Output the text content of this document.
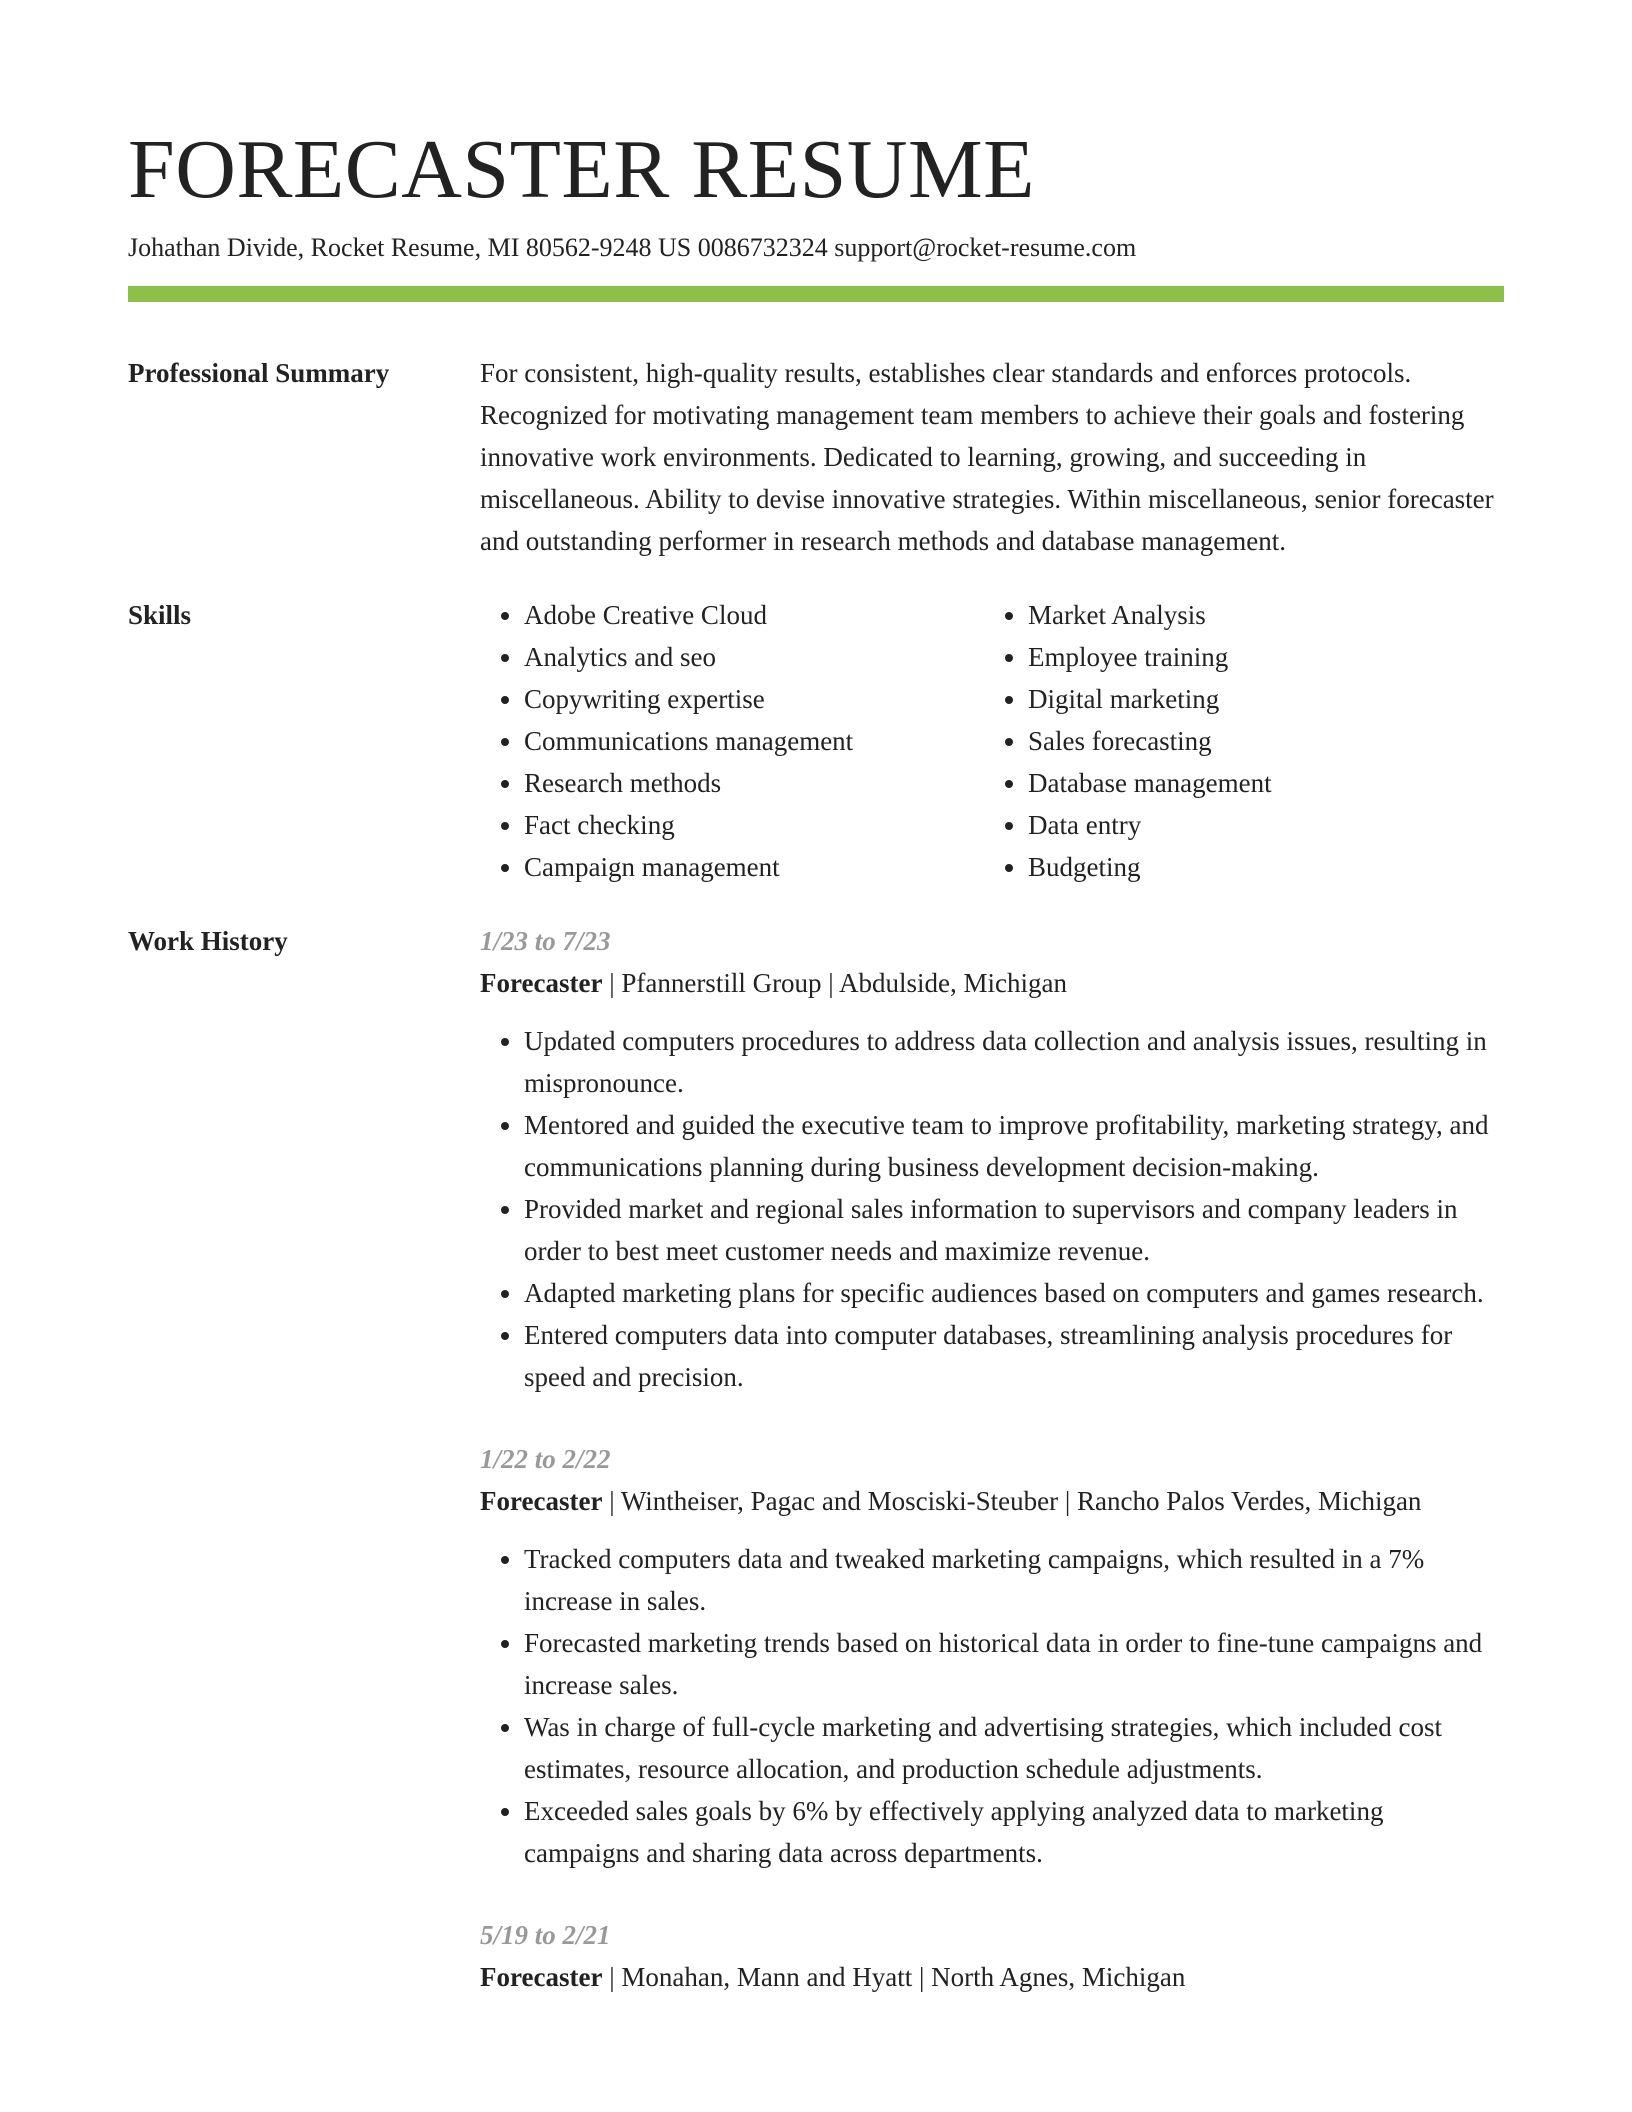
FORECASTER RESUME
Johathan Divide, Rocket Resume, MI 80562-9248 US 0086732324 support@rocket-resume.com
Professional Summary	For consistent, high-quality results, establishes clear standards and enforces protocols. Recognized for motivating management team members to achieve their goals and fostering innovative work environments. Dedicated to learning, growing, and succeeding in miscellaneous. Ability to devise innovative strategies. Within miscellaneous, senior forecaster and outstanding performer in research methods and database management.

Skills
•	Adobe Creative Cloud
• Analytics and seo
• Copywriting expertise
• Communications management
• Research methods
• Fact checking
• Campaign management
• Market Analysis
• Employee training
• Digital marketing
• Sales forecasting
• Database management
• Data entry
• Budgeting
Work History	1/23 to 7/23
Forecaster | Pfannerstill Group | Abdulside, Michigan
• Updated computers procedures to address data collection and analysis issues, resulting in mispronounce.
• Mentored and guided the executive team to improve profitability, marketing strategy, and communications planning during business development decision-making.
• Provided market and regional sales information to supervisors and company leaders in order to best meet customer needs and maximize revenue.
• Adapted marketing plans for specific audiences based on computers and games research.
• Entered computers data into computer databases, streamlining analysis procedures for speed and precision.
1/22 to 2/22
Forecaster | Wintheiser, Pagac and Mosciski-Steuber | Rancho Palos Verdes, Michigan
• Tracked computers data and tweaked marketing campaigns, which resulted in a 7% increase in sales.
• Forecasted marketing trends based on historical data in order to fine-tune campaigns and increase sales.
• Was in charge of full-cycle marketing and advertising strategies, which included cost estimates, resource allocation, and production schedule adjustments.
• Exceeded sales goals by 6% by effectively applying analyzed data to marketing campaigns and sharing data across departments.
5/19 to 2/21
Forecaster | Monahan, Mann and Hyatt | North Agnes, Michigan
